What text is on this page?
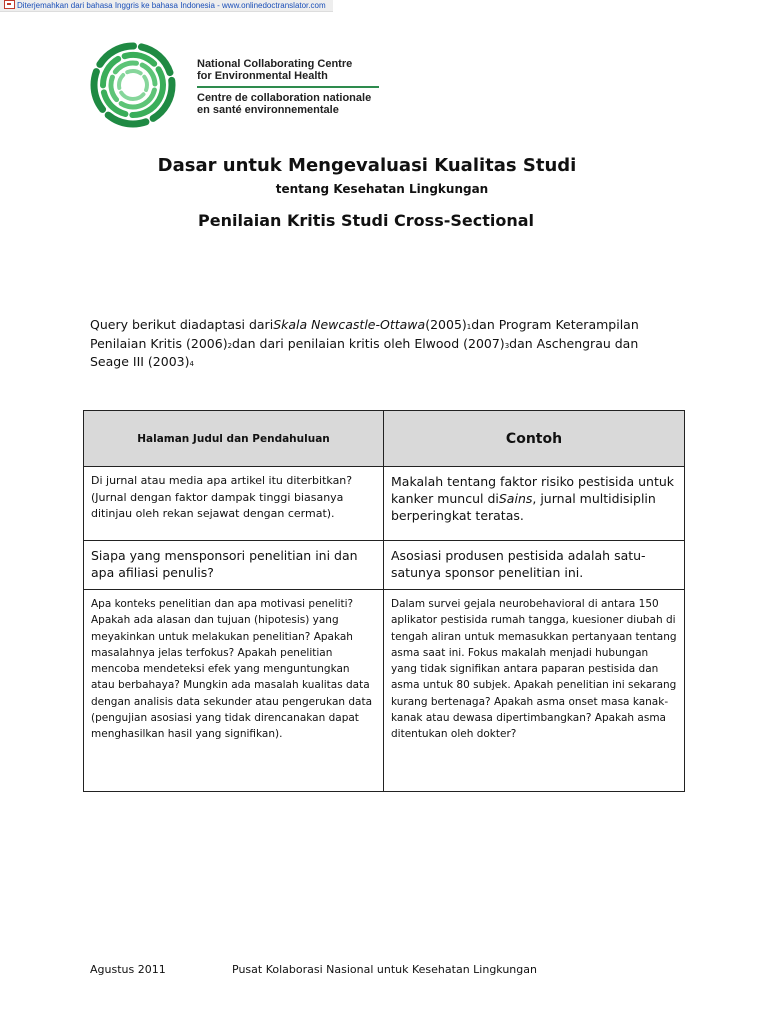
Diterjemahkan dari bahasa Inggris ke bahasa Indonesia - www.onlinedoctranslator.com
National Collaborating Centre
for Environmental Health
Centre de collaboration nationale
en santé environnementale
Dasar untuk Mengevaluasi Kualitas Studi
tentang Kesehatan Lingkungan
Penilaian Kritis Studi Cross-Sectional
Query berikut diadaptasi dariSkala Newcastle-Ottawa(2005)1dan Program Keterampilan Penilaian Kritis (2006)2dan dari penilaian kritis oleh Elwood (2007)3dan Aschengrau dan Seage III (2003)4
Halaman Judul dan Pendahuluan	Contoh
Di jurnal atau media apa artikel itu diterbitkan? (Jurnal dengan faktor dampak tinggi biasanya ditinjau oleh rekan sejawat dengan cermat).
Makalah tentang faktor risiko pestisida untuk kanker muncul diSains, jurnal multidisiplin berperingkat teratas.
Siapa yang mensponsori penelitian ini dan apa afiliasi penulis?
Asosiasi produsen pestisida adalah satu-satunya sponsor penelitian ini.
Apa konteks penelitian dan apa motivasi peneliti? Apakah ada alasan dan tujuan (hipotesis) yang meyakinkan untuk melakukan penelitian? Apakah masalahnya jelas terfokus? Apakah penelitian mencoba mendeteksi efek yang menguntungkan atau berbahaya? Mungkin ada masalah kualitas data dengan analisis data sekunder atau pengerukan data (pengujian asosiasi yang tidak direncanakan dapat menghasilkan hasil yang signifikan).
Dalam survei gejala neurobehavioral di antara 150 aplikator pestisida rumah tangga, kuesioner diubah di tengah aliran untuk memasukkan pertanyaan tentang asma saat ini. Fokus makalah menjadi hubungan yang tidak signifikan antara paparan pestisida dan asma untuk 80 subjek. Apakah penelitian ini sekarang kurang bertenaga? Apakah asma onset masa kanak-kanak atau dewasa dipertimbangkan? Apakah asma ditentukan oleh dokter?
Agustus 2011	Pusat Kolaborasi Nasional untuk Kesehatan Lingkungan
